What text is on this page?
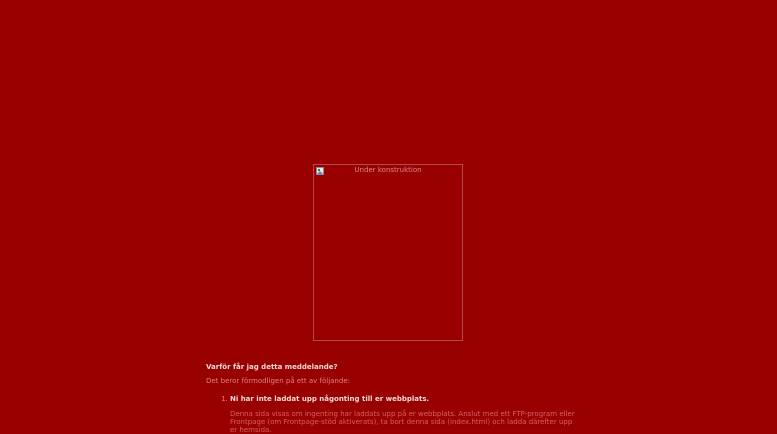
Under konstruktion

Varför får jag detta meddelande?

Det beror förmodligen på ett av följande:

1. Ni har inte laddat upp någonting till er webbplats.
Denna sida visas om ingenting har laddats upp på er webbplats. Anslut med ett FTP-program eller Frontpage (om Frontpage-stöd aktiverats), ta bort denna sida (index.html) och ladda därefter upp er hemsida.
